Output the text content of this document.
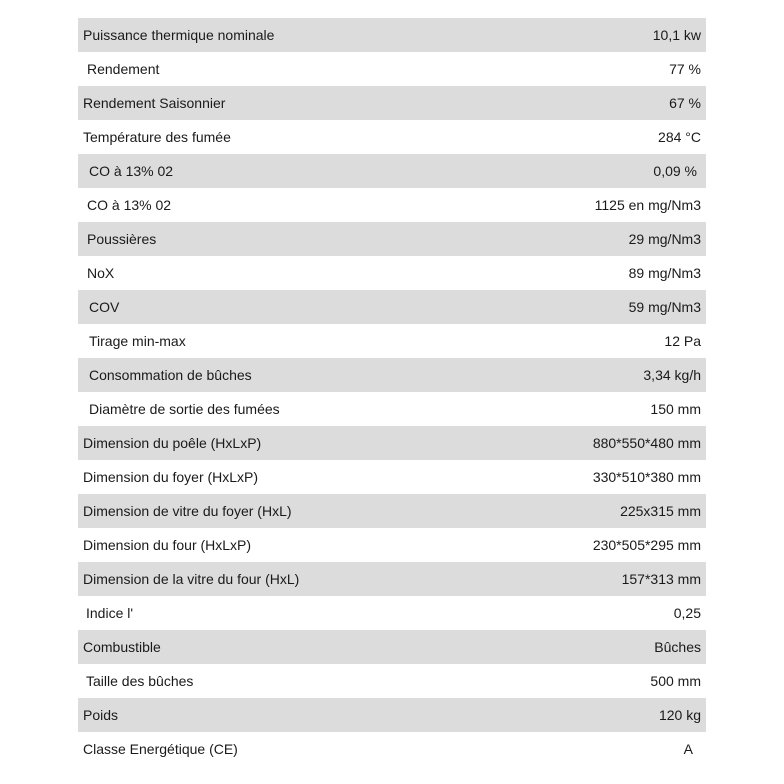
Puissance thermique nominale	10,1 kw
Rendement	77 %
Rendement Saisonnier	67 %
Température des fumée	284 °C
CO à 13% 02	0,09 %
CO à 13% 02	1125 en mg/Nm3
Poussières	29 mg/Nm3
NoX	89 mg/Nm3
COV	59 mg/Nm3
Tirage min-max	12 Pa
Consommation de bûches	3,34 kg/h
Diamètre de sortie des fumées	150 mm
Dimension du poêle (HxLxP)	880*550*480 mm
Dimension du foyer (HxLxP)	330*510*380 mm
Dimension de vitre du foyer (HxL)	225x315 mm
Dimension du four (HxLxP)	230*505*295 mm
Dimension de la vitre du four (HxL)	157*313 mm
Indice l'	0,25
Combustible	Bûches
Taille des bûches	500 mm
Poids	120 kg
Classe Energétique (CE)	A
